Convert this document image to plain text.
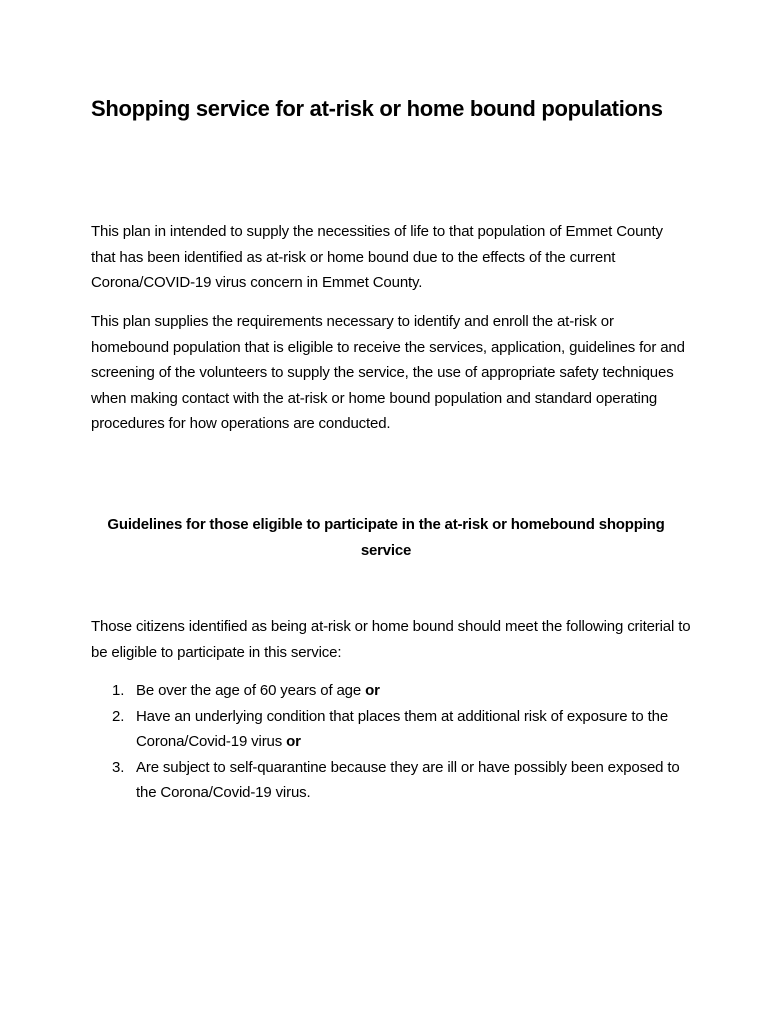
Shopping service for at-risk or home bound populations

This plan in intended to supply the necessities of life to that population of Emmet County that has been identified as at-risk or home bound due to the effects of the current Corona/COVID-19 virus concern in Emmet County.

This plan supplies the requirements necessary to identify and enroll the at-risk or homebound population that is eligible to receive the services, application, guidelines for and screening of the volunteers to supply the service, the use of appropriate safety techniques when making contact with the at-risk or home bound population and standard operating procedures for how operations are conducted.

Guidelines for those eligible to participate in the at-risk or homebound shopping service

Those citizens identified as being at-risk or home bound should meet the following criterial to be eligible to participate in this service:

1. Be over the age of 60 years of age or
2. Have an underlying condition that places them at additional risk of exposure to the Corona/Covid-19 virus or
3. Are subject to self-quarantine because they are ill or have possibly been exposed to the Corona/Covid-19 virus.
